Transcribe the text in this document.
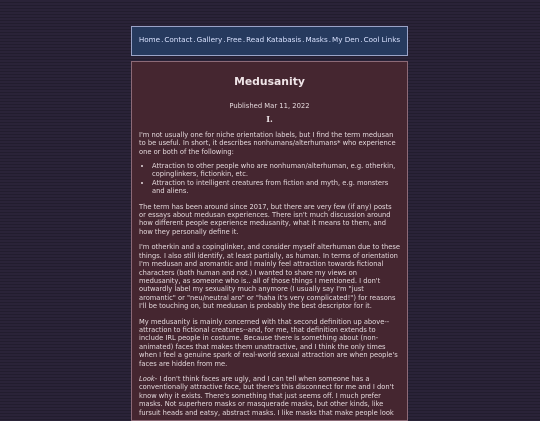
Home.Contact.Gallery.Free.Read Katabasis.Masks.My Den.Cool Links
Medusanity
Published Mar 11, 2022
I.

I'm not usually one for niche orientation labels, but I find the term medusan to be useful. In short, it describes nonhumans/alterhumans* who experience one or both of the following:

• Attraction to other people who are nonhuman/alterhuman, e.g. otherkin, copinglinkers, fictionkin, etc.
• Attraction to intelligent creatures from fiction and myth, e.g. monsters and aliens.

The term has been around since 2017, but there are very few (if any) posts or essays about medusan experiences. There isn't much discussion around how different people experience medusanity, what it means to them, and how they personally define it.

I'm otherkin and a copinglinker, and consider myself alterhuman due to these things. I also still identify, at least partially, as human. In terms of orientation I'm medusan and aromantic and I mainly feel attraction towards fictional characters (both human and not.) I wanted to share my views on medusanity, as someone who is.. all of those things I mentioned. I don't outwardly label my sexuality much anymore (I usually say I'm "just aromantic" or "neu/neutral aro" or "haha it's very complicated!") for reasons I'll be touching on, but medusan is probably the best descriptor for it.

My medusanity is mainly concerned with that second definition up above-- attraction to fictional creatures--and, for me, that definition extends to include IRL people in costume. Because there is something about (non-animated) faces that makes them unattractive, and I think the only times when I feel a genuine spark of real-world sexual attraction are when people's faces are hidden from me.

Look- I don't think faces are ugly, and I can tell when someone has a conventionally attractive face, but there's this disconnect for me and I don't know why it exists. There's something that just seems off. I much prefer masks. Not superhero masks or masquerade masks, but other kinds, like fursuit heads and eatsy, abstract masks. I like masks that make people look
